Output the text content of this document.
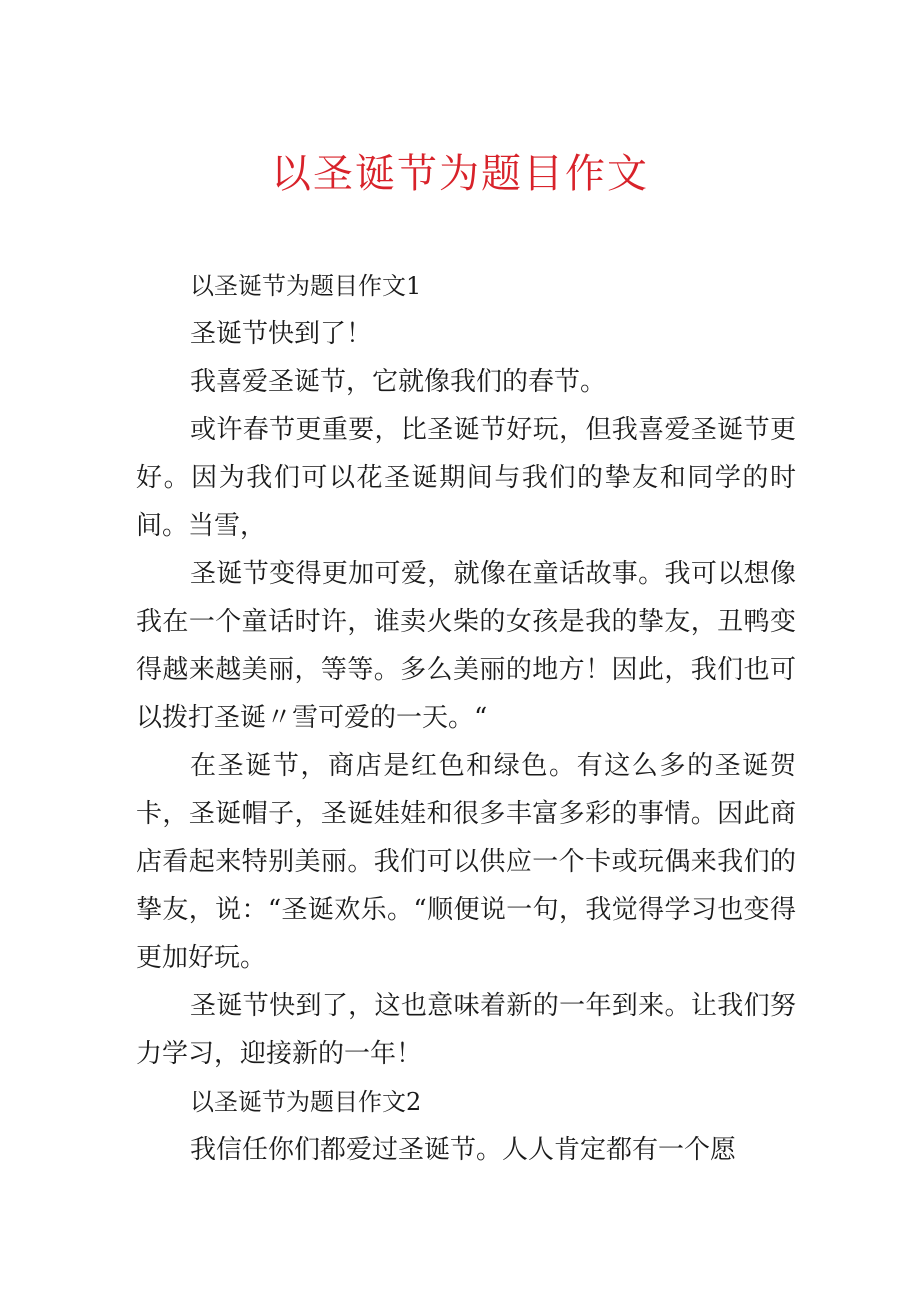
以圣诞节为题目作文

以圣诞节为题目作文1

圣诞节快到了！

我喜爱圣诞节，它就像我们的春节。

或许春节更重要，比圣诞节好玩，但我喜爱圣诞节更好。因为我们可以花圣诞期间与我们的挚友和同学的时间。当雪，

圣诞节变得更加可爱，就像在童话故事。我可以想像我在一个童话时许，谁卖火柴的女孩是我的挚友，丑鸭变得越来越美丽，等等。多么美丽的地方！因此，我们也可以拨打圣诞〃雪可爱的一天。“

在圣诞节，商店是红色和绿色。有这么多的圣诞贺卡，圣诞帽子，圣诞娃娃和很多丰富多彩的事情。因此商店看起来特别美丽。我们可以供应一个卡或玩偶来我们的挚友，说：“圣诞欢乐。“顺便说一句，我觉得学习也变得更加好玩。

圣诞节快到了，这也意味着新的一年到来。让我们努力学习，迎接新的一年！

以圣诞节为题目作文2

我信任你们都爱过圣诞节。人人肯定都有一个愿
